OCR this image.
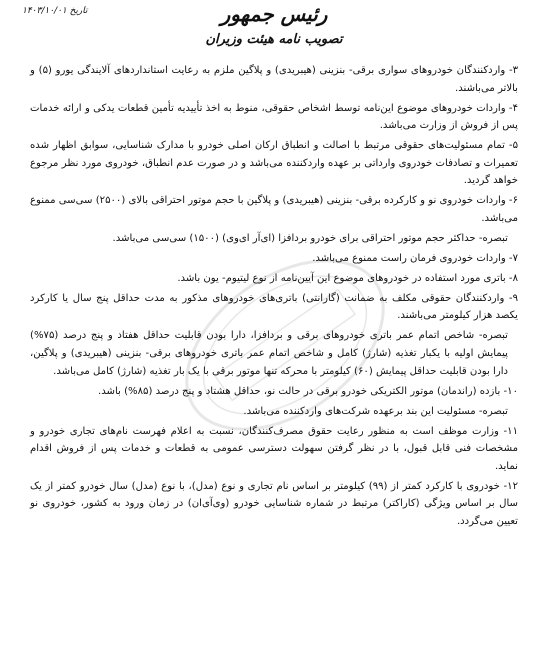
تاریخ ۱۴۰۳/۱۰/۰۱	رئیس جمهور
تصویب نامه هیئت وزیران

۳- واردکنندگان خودروهای سواری برقی- بنزینی (هیبریدی) و پلاگین ملزم به رعایت استانداردهای آلایندگی یورو (۵) و بالاتر می‌باشند.

۴- واردات خودروهای موضوع این‌نامه توسط اشخاص حقوقی، منوط به اخذ تأییدیه تأمین قطعات یدکی و ارائه خدمات پس از فروش از وزارت می‌باشد.

۵- تمام مسئولیت‌های حقوقی مرتبط با اصالت و انطباق ارکان اصلی خودرو با مدارک شناسایی، سوابق اظهار شده تعمیرات و تصادفات خودروی وارداتی بر عهده واردکننده می‌باشد و در صورت عدم انطباق، خودروی مورد نظر مرجوع خواهد گردید.

۶- واردات خودروی نو و کارکرده برقی- بنزینی (هیبریدی) و پلاگین با حجم موتور احتراقی بالای (۲۵۰۰) سی‌سی ممنوع می‌باشد.

تبصره- حداکثر حجم موتور احتراقی برای خودرو بردافزا (ای‌آر ای‌وی) (۱۵۰۰) سی‌سی می‌باشد.

۷- واردات خودروی فرمان راست ممنوع می‌باشد.

۸- باتری مورد استفاده در خودروهای موضوع این آیین‌نامه از نوع لیتیوم- یون باشد.

۹- واردکنندگان حقوقی مکلف به ضمانت (گارانتی) باتری‌های خودروهای مذکور به مدت حداقل پنج سال یا کارکرد یکصد هزار کیلومتر می‌باشند.

تبصره- شاخص اتمام عمر باتری خودروهای برقی و بردافزا، دارا بودن قابلیت حداقل هفتاد و پنج درصد (۷۵%) پیمایش اولیه با یکبار تغذیه (شارژ) کامل و شاخص اتمام عمر باتری خودروهای برقی- بنزینی (هیبریدی) و پلاگین، دارا بودن قابلیت حداقل پیمایش (۶۰) کیلومتر با محرکه تنها موتور برقی با یک بار تغذیه (شارژ) کامل می‌باشد.

۱۰- بازده (راندمان) موتور الکتریکی خودرو برقی در حالت نو، حداقل هشتاد و پنج درصد (۸۵%) باشد.

تبصره- مسئولیت این بند برعهده شرکت‌های واردکننده می‌باشد.

۱۱- وزارت موظف است به منظور رعایت حقوق مصرف‌کنندگان، نسبت به اعلام فهرست نام‌های تجاری خودرو و مشخصات فنی قابل قبول، با در نظر گرفتن سهولت دسترسی عمومی به قطعات و خدمات پس از فروش اقدام نماید.

۱۲- خودروی با کارکرد کمتر از (۹۹) کیلومتر بر اساس نام تجاری و نوع (مدل)، با نوع (مدل) سال خودرو کمتر از یک سال بر اساس ویژگی (کاراکتر) مرتبط در شماره شناسایی خودرو (وی‌آی‌ان) در زمان ورود به کشور، خودروی نو تعیین می‌گردد.
